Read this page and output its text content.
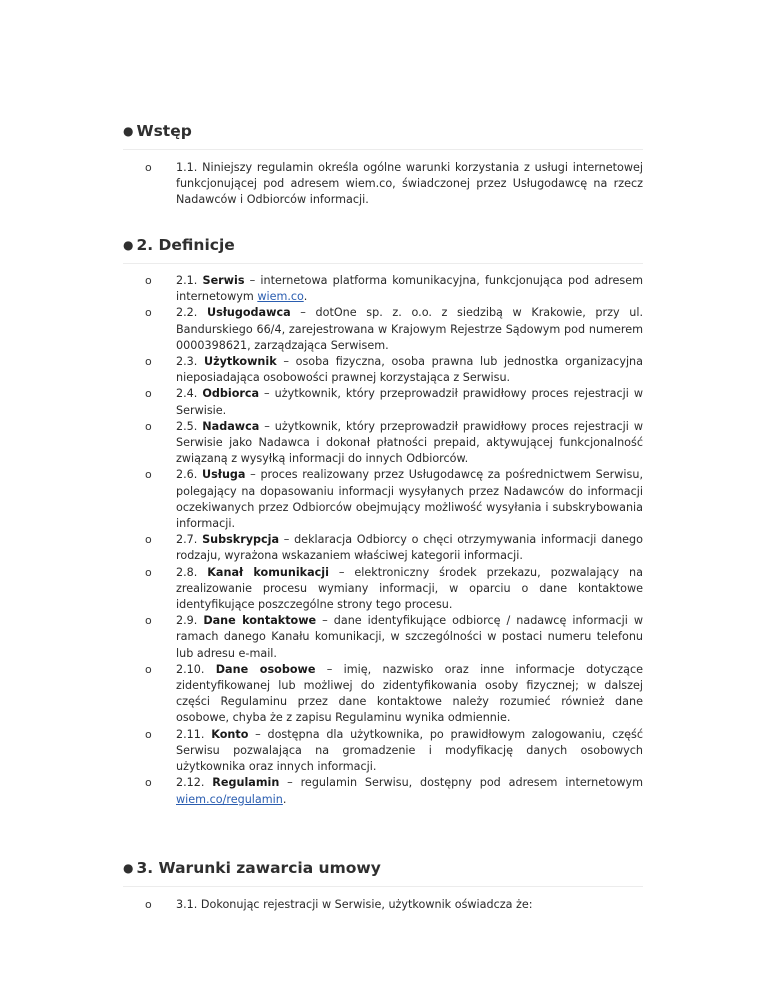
● Wstęp
o 1.1. Niniejszy regulamin określa ogólne warunki korzystania z usługi internetowej funkcjonującej pod adresem wiem.co, świadczonej przez Usługodawcę na rzecz Nadawców i Odbiorców informacji.
● 2. Definicje
o 2.1. Serwis – internetowa platforma komunikacyjna, funkcjonująca pod adresem internetowym wiem.co.
o 2.2. Usługodawca – dotOne sp. z. o.o. z siedzibą w Krakowie, przy ul. Bandurskiego 66/4, zarejestrowana w Krajowym Rejestrze Sądowym pod numerem 0000398621, zarządzająca Serwisem.
o 2.3. Użytkownik – osoba fizyczna, osoba prawna lub jednostka organizacyjna nieposiadająca osobowości prawnej korzystająca z Serwisu.
o 2.4. Odbiorca – użytkownik, który przeprowadził prawidłowy proces rejestracji w Serwisie.
o 2.5. Nadawca – użytkownik, który przeprowadził prawidłowy proces rejestracji w Serwisie jako Nadawca i dokonał płatności prepaid, aktywującej funkcjonalność związaną z wysyłką informacji do innych Odbiorców.
o 2.6. Usługa – proces realizowany przez Usługodawcę za pośrednictwem Serwisu, polegający na dopasowaniu informacji wysyłanych przez Nadawców do informacji oczekiwanych przez Odbiorców obejmujący możliwość wysyłania i subskrybowania informacji.
o 2.7. Subskrypcja – deklaracja Odbiorcy o chęci otrzymywania informacji danego rodzaju, wyrażona wskazaniem właściwej kategorii informacji.
o 2.8. Kanał komunikacji – elektroniczny środek przekazu, pozwalający na zrealizowanie procesu wymiany informacji, w oparciu o dane kontaktowe identyfikujące poszczególne strony tego procesu.
o 2.9. Dane kontaktowe – dane identyfikujące odbiorcę / nadawcę informacji w ramach danego Kanału komunikacji, w szczególności w postaci numeru telefonu lub adresu e-mail.
o 2.10. Dane osobowe – imię, nazwisko oraz inne informacje dotyczące zidentyfikowanej lub możliwej do zidentyfikowania osoby fizycznej; w dalszej części Regulaminu przez dane kontaktowe należy rozumieć również dane osobowe, chyba że z zapisu Regulaminu wynika odmiennie.
o 2.11. Konto – dostępna dla użytkownika, po prawidłowym zalogowaniu, część Serwisu pozwalająca na gromadzenie i modyfikację danych osobowych użytkownika oraz innych informacji.
o 2.12. Regulamin – regulamin Serwisu, dostępny pod adresem internetowym wiem.co/regulamin.
● 3. Warunki zawarcia umowy
o 3.1. Dokonując rejestracji w Serwisie, użytkownik oświadcza że:
